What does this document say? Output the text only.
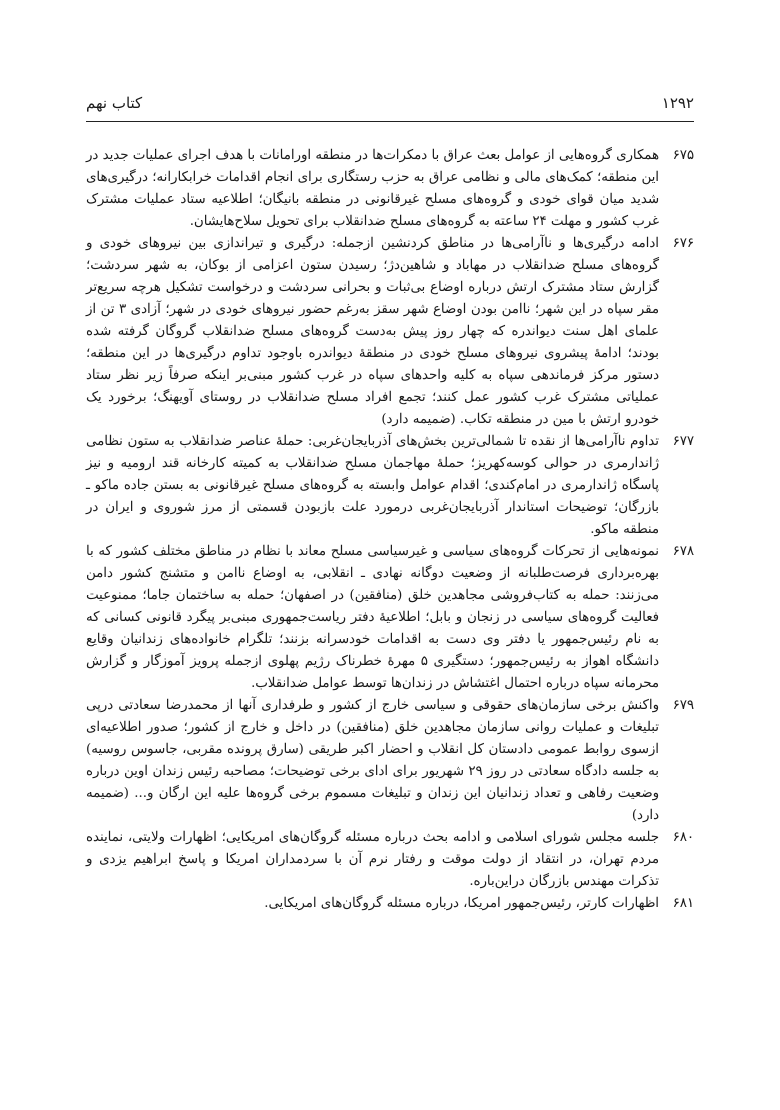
۱۲۹۲
کتاب نهم

۶۷۵
همکاری گروه‌هایی از عوامل بعث عراق با دمکرات‌ها در منطقه اورامانات با هدف اجرای عملیات جدید در این منطقه؛ کمک‌های مالی و نظامی عراق به حزب رستگاری برای انجام اقدامات خرابکارانه؛ درگیری‌های شدید میان قوای خودی و گروه‌های مسلح غیرقانونی در منطقه بانیگان؛ اطلاعیه ستاد عملیات مشترک غرب کشور و مهلت ۲۴ ساعته به گروه‌های مسلح ضدانقلاب برای تحویل سلاح‌هایشان.

۶۷۶
ادامه درگیری‌ها و ناآرامی‌ها در مناطق کردنشین ازجمله: درگیری و تیراندازی بین نیروهای خودی و گروه‌های مسلح ضدانقلاب در مهاباد و شاهین‌دژ؛ رسیدن ستون اعزامی از بوکان، به شهر سردشت؛ گزارش ستاد مشترک ارتش درباره اوضاع بی‌ثبات و بحرانی سردشت و درخواست تشکیل هرچه سریع‌تر مقر سپاه در این شهر؛ ناامن بودن اوضاع شهر سقز به‌رغم حضور نیروهای خودی در شهر؛ آزادی ۳ تن از علمای اهل سنت دیواندره که چهار روز پیش به‌دست گروه‌های مسلح ضدانقلاب گروگان گرفته شده بودند؛ ادامهٔ پیشروی نیروهای مسلح خودی در منطقهٔ دیواندره باوجود تداوم درگیری‌ها در این منطقه؛ دستور مرکز فرماندهی سپاه به کلیه واحدهای سپاه در غرب کشور مبنی‌بر اینکه صرفاً زیر نظر ستاد عملیاتی مشترک غرب کشور عمل کنند؛ تجمع افراد مسلح ضدانقلاب در روستای آویهنگ؛ برخورد یک خودرو ارتش با مین در منطقه تکاب. (ضمیمه دارد)

۶۷۷
تداوم ناآرامی‌ها از نقده تا شمالی‌ترین بخش‌های آذربایجان‌غربی: حملهٔ عناصر ضدانقلاب به ستون نظامی ژاندارمری در حوالی کوسه‌کهریز؛ حملهٔ مهاجمان مسلح ضدانقلاب به کمیته کارخانه قند ارومیه و نیز پاسگاه ژاندارمری در امام‌کندی؛ اقدام عوامل وابسته به گروه‌های مسلح غیرقانونی به بستن جاده ماکو ـ بازرگان؛ توضیحات استاندار آذربایجان‌غربی درمورد علت بازبودن قسمتی از مرز شوروی و ایران در منطقه ماکو.

۶۷۸
نمونه‌هایی از تحرکات گروه‌های سیاسی و غیرسیاسی مسلح معاند با نظام در مناطق مختلف کشور که با بهره‌برداری فرصت‌طلبانه از وضعیت دوگانه نهادی ـ انقلابی، به اوضاع ناامن و متشنج کشور دامن می‌زنند: حمله به کتاب‌فروشی مجاهدین خلق (منافقین) در اصفهان؛ حمله به ساختمان جاما؛ ممنوعیت فعالیت گروه‌های سیاسی در زنجان و بابل؛ اطلاعیهٔ دفتر ریاست‌جمهوری مبنی‌بر پیگرد قانونی کسانی که به نام رئیس‌جمهور یا دفتر وی دست به اقدامات خودسرانه بزنند؛ تلگرام خانواده‌های زندانیان وقایع دانشگاه اهواز به رئیس‌جمهور؛ دستگیری ۵ مهرهٔ خطرناک رژیم پهلوی ازجمله پرویز آموزگار و گزارش محرمانه سپاه درباره احتمال اغتشاش در زندان‌ها توسط عوامل ضدانقلاب.

۶۷۹
واکنش برخی سازمان‌های حقوقی و سیاسی خارج از کشور و طرفداری آنها از محمدرضا سعادتی درپی تبلیغات و عملیات روانی سازمان مجاهدین خلق (منافقین) در داخل و خارج از کشور؛ صدور اطلاعیه‌ای ازسوی روابط عمومی دادستان کل انقلاب و احضار اکبر طریقی (سارق پرونده مقربی، جاسوس روسیه) به جلسه دادگاه سعادتی در روز ۲۹ شهریور برای ادای برخی توضیحات؛ مصاحبه رئیس زندان اوین درباره وضعیت رفاهی و تعداد زندانیان این زندان و تبلیغات مسموم برخی گروه‌ها علیه این ارگان و... (ضمیمه دارد)

۶۸۰
جلسه مجلس شورای اسلامی و ادامه بحث درباره مسئله گروگان‌های امریکایی؛ اظهارات ولایتی، نماینده مردم تهران، در انتقاد از دولت موقت و رفتار نرم آن با سردمداران امریکا و پاسخ ابراهیم یزدی و تذکرات مهندس بازرگان دراین‌باره.

۶۸۱
اظهارات کارتر، رئیس‌جمهور امریکا، درباره مسئله گروگان‌های امریکایی.
